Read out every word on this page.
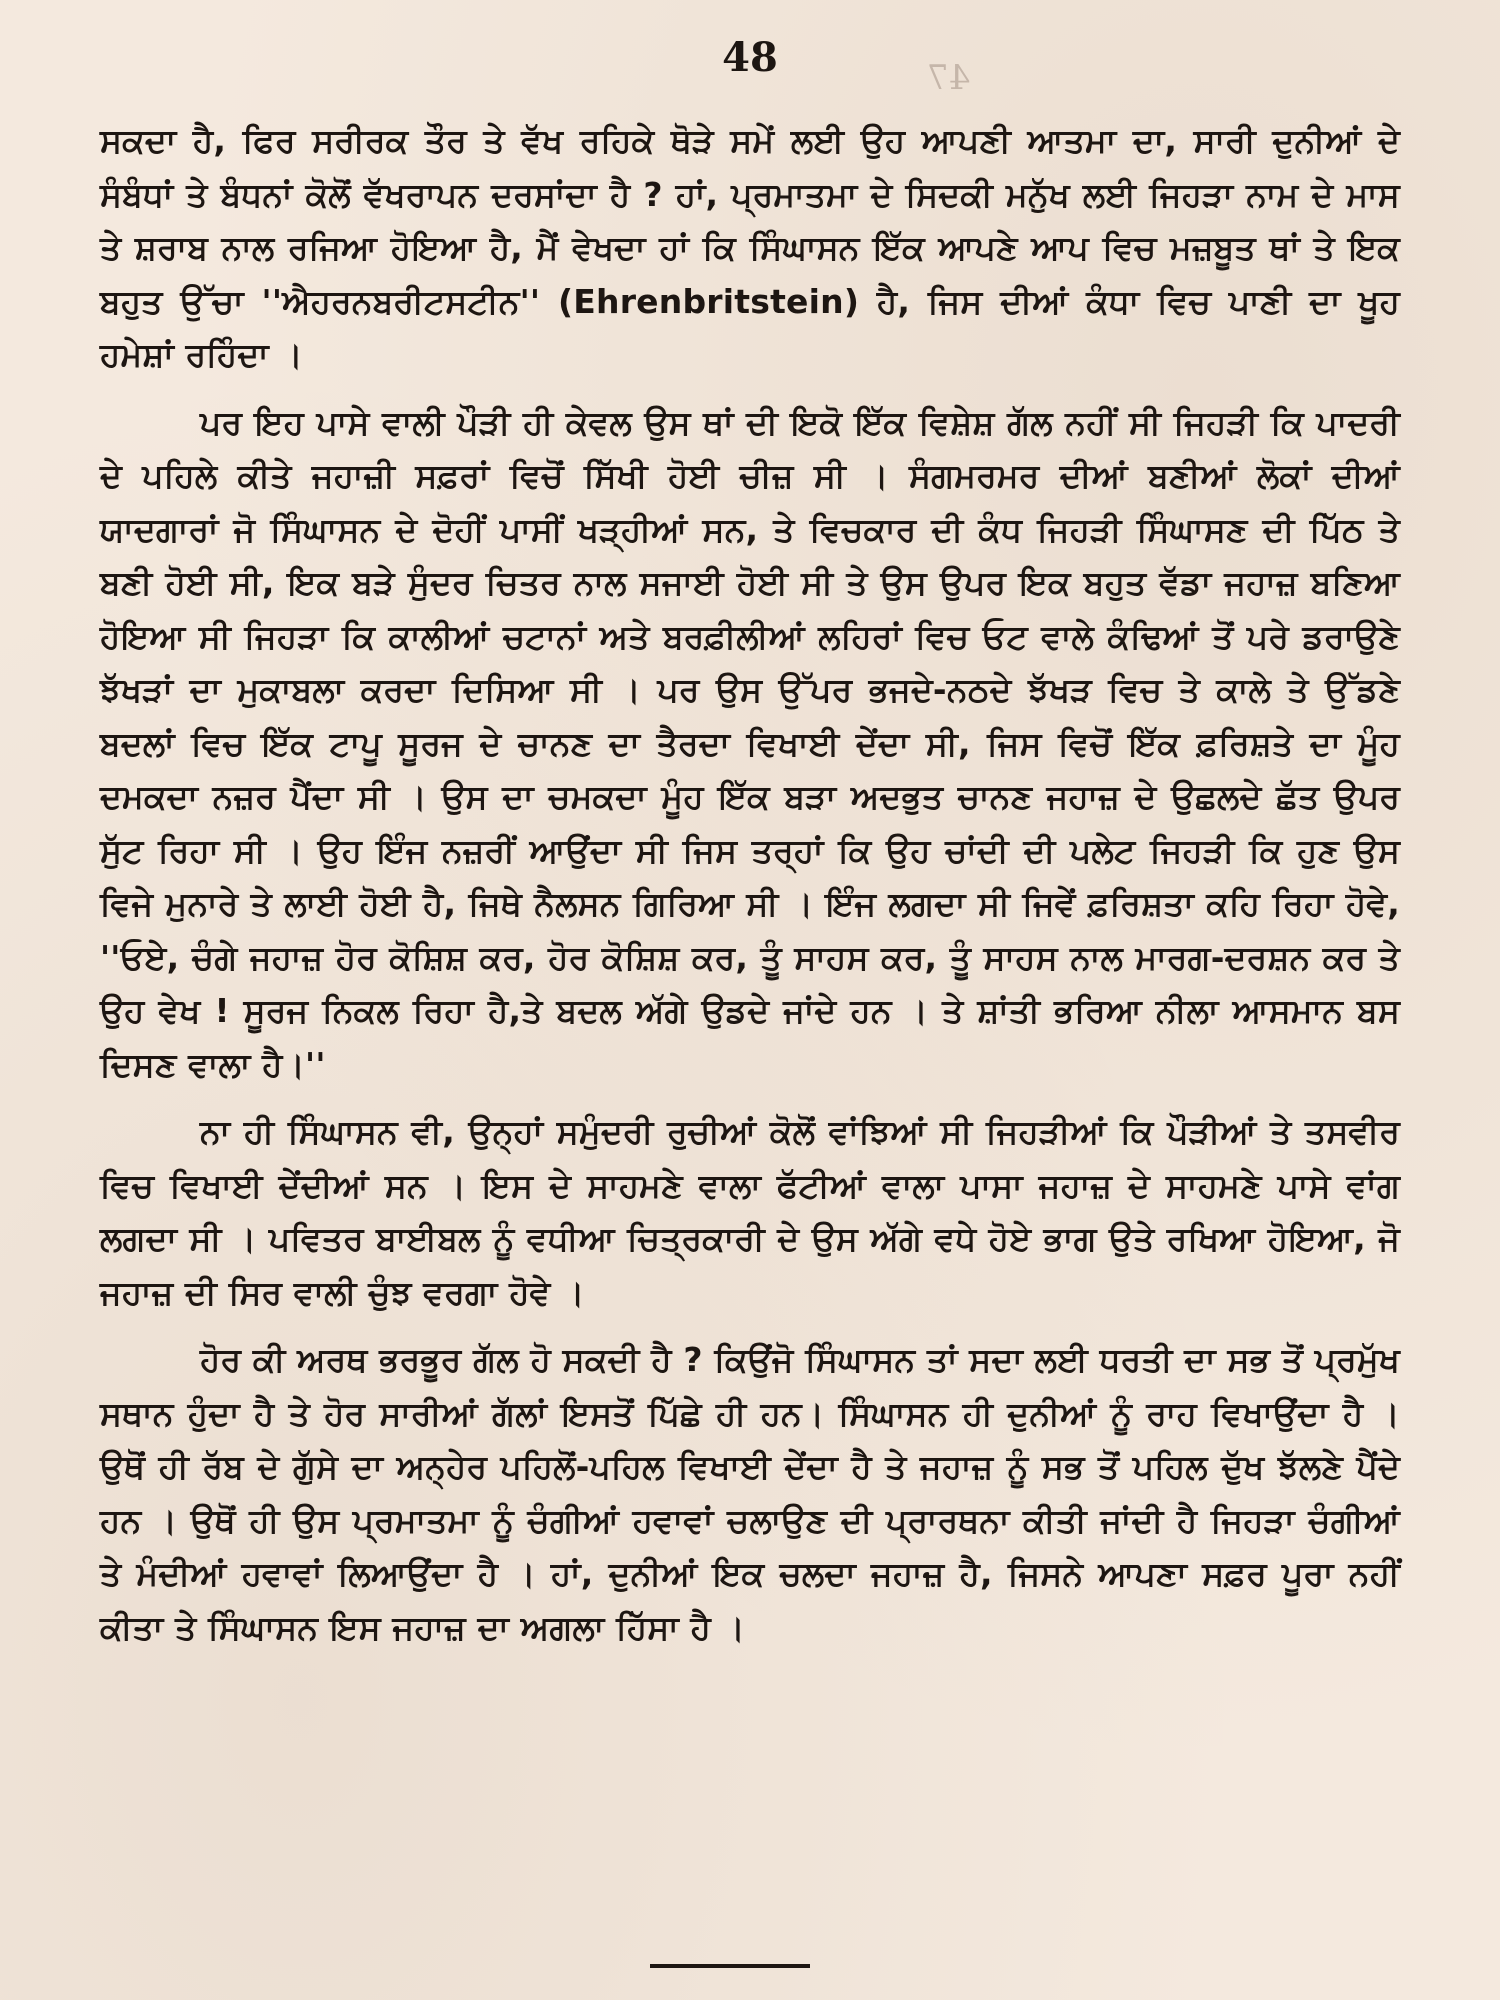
47
48

ਸਕਦਾ ਹੈ, ਫਿਰ ਸਰੀਰਕ ਤੌਰ ਤੇ ਵੱਖ ਰਹਿਕੇ ਥੋੜੇ ਸਮੇਂ ਲਈ ਉਹ ਆਪਣੀ ਆਤਮਾ ਦਾ, ਸਾਰੀ ਦੁਨੀਆਂ ਦੇ ਸੰਬੰਧਾਂ ਤੇ ਬੰਧਨਾਂ ਕੋਲੋਂ ਵੱਖਰਾਪਨ ਦਰਸਾਂਦਾ ਹੈ ? ਹਾਂ, ਪ੍ਰਮਾਤਮਾ ਦੇ ਸਿਦਕੀ ਮਨੁੱਖ ਲਈ ਜਿਹੜਾ ਨਾਮ ਦੇ ਮਾਸ ਤੇ ਸ਼ਰਾਬ ਨਾਲ ਰਜਿਆ ਹੋਇਆ ਹੈ, ਮੈਂ ਵੇਖਦਾ ਹਾਂ ਕਿ ਸਿੰਘਾਸਨ ਇੱਕ ਆਪਣੇ ਆਪ ਵਿਚ ਮਜ਼ਬੂਤ ਥਾਂ ਤੇ ਇਕ ਬਹੁਤ ਉੱਚਾ ''ਐਹਰਨਬਰੀਟਸਟੀਨ'' (Ehrenbritstein) ਹੈ, ਜਿਸ ਦੀਆਂ ਕੰਧਾ ਵਿਚ ਪਾਣੀ ਦਾ ਖੂਹ ਹਮੇਸ਼ਾਂ ਰਹਿੰਦਾ ।

ਪਰ ਇਹ ਪਾਸੇ ਵਾਲੀ ਪੌੜੀ ਹੀ ਕੇਵਲ ਉਸ ਥਾਂ ਦੀ ਇਕੋ ਇੱਕ ਵਿਸ਼ੇਸ਼ ਗੱਲ ਨਹੀਂ ਸੀ ਜਿਹੜੀ ਕਿ ਪਾਦਰੀ ਦੇ ਪਹਿਲੇ ਕੀਤੇ ਜਹਾਜ਼ੀ ਸਫ਼ਰਾਂ ਵਿਚੋਂ ਸਿੱਖੀ ਹੋਈ ਚੀਜ਼ ਸੀ । ਸੰਗਮਰਮਰ ਦੀਆਂ ਬਣੀਆਂ ਲੋਕਾਂ ਦੀਆਂ ਯਾਦਗਾਰਾਂ ਜੋ ਸਿੰਘਾਸਨ ਦੇ ਦੋਹੀਂ ਪਾਸੀਂ ਖੜ੍ਹੀਆਂ ਸਨ, ਤੇ ਵਿਚਕਾਰ ਦੀ ਕੰਧ ਜਿਹੜੀ ਸਿੰਘਾਸਣ ਦੀ ਪਿੱਠ ਤੇ ਬਣੀ ਹੋਈ ਸੀ, ਇਕ ਬੜੇ ਸੁੰਦਰ ਚਿਤਰ ਨਾਲ ਸਜਾਈ ਹੋਈ ਸੀ ਤੇ ਉਸ ਉਪਰ ਇਕ ਬਹੁਤ ਵੱਡਾ ਜਹਾਜ਼ ਬਣਿਆ ਹੋਇਆ ਸੀ ਜਿਹੜਾ ਕਿ ਕਾਲੀਆਂ ਚਟਾਨਾਂ ਅਤੇ ਬਰਫ਼ੀਲੀਆਂ ਲਹਿਰਾਂ ਵਿਚ ਓਟ ਵਾਲੇ ਕੰਢਿਆਂ ਤੋਂ ਪਰੇ ਡਰਾਉਣੇ ਝੱਖੜਾਂ ਦਾ ਮੁਕਾਬਲਾ ਕਰਦਾ ਦਿਸਿਆ ਸੀ । ਪਰ ਉਸ ਉੱਪਰ ਭਜਦੇ-ਨਠਦੇ ਝੱਖੜ ਵਿਚ ਤੇ ਕਾਲੇ ਤੇ ਉੱਡਣੇ ਬਦਲਾਂ ਵਿਚ ਇੱਕ ਟਾਪੂ ਸੂਰਜ ਦੇ ਚਾਨਣ ਦਾ ਤੈਰਦਾ ਵਿਖਾਈ ਦੇਂਦਾ ਸੀ, ਜਿਸ ਵਿਚੋਂ ਇੱਕ ਫ਼ਰਿਸ਼ਤੇ ਦਾ ਮੂੰਹ ਦਮਕਦਾ ਨਜ਼ਰ ਪੈਂਦਾ ਸੀ । ਉਸ ਦਾ ਚਮਕਦਾ ਮੂੰਹ ਇੱਕ ਬੜਾ ਅਦਭੁਤ ਚਾਨਣ ਜਹਾਜ਼ ਦੇ ਉਛਲਦੇ ਛੱਤ ਉਪਰ ਸੁੱਟ ਰਿਹਾ ਸੀ । ਉਹ ਇੰਜ ਨਜ਼ਰੀਂ ਆਉਂਦਾ ਸੀ ਜਿਸ ਤਰ੍ਹਾਂ ਕਿ ਉਹ ਚਾਂਦੀ ਦੀ ਪਲੇਟ ਜਿਹੜੀ ਕਿ ਹੁਣ ਉਸ ਵਿਜੇ ਮੁਨਾਰੇ ਤੇ ਲਾਈ ਹੋਈ ਹੈ, ਜਿਥੇ ਨੈਲਸਨ ਗਿਰਿਆ ਸੀ । ਇੰਜ ਲਗਦਾ ਸੀ ਜਿਵੇਂ ਫ਼ਰਿਸ਼ਤਾ ਕਹਿ ਰਿਹਾ ਹੋਵੇ, ''ਓਏ, ਚੰਗੇ ਜਹਾਜ਼ ਹੋਰ ਕੋਸ਼ਿਸ਼ ਕਰ, ਹੋਰ ਕੋਸ਼ਿਸ਼ ਕਰ, ਤੂੰ ਸਾਹਸ ਕਰ, ਤੂੰ ਸਾਹਸ ਨਾਲ ਮਾਰਗ-ਦਰਸ਼ਨ ਕਰ ਤੇ ਉਹ ਵੇਖ ! ਸੂਰਜ ਨਿਕਲ ਰਿਹਾ ਹੈ,ਤੇ ਬਦਲ ਅੱਗੇ ਉਡਦੇ ਜਾਂਦੇ ਹਨ । ਤੇ ਸ਼ਾਂਤੀ ਭਰਿਆ ਨੀਲਾ ਆਸਮਾਨ ਬਸ ਦਿਸਣ ਵਾਲਾ ਹੈ।''

ਨਾ ਹੀ ਸਿੰਘਾਸਨ ਵੀ, ਉਨ੍ਹਾਂ ਸਮੁੰਦਰੀ ਰੁਚੀਆਂ ਕੋਲੋਂ ਵਾਂਝਿਆਂ ਸੀ ਜਿਹੜੀਆਂ ਕਿ ਪੌੜੀਆਂ ਤੇ ਤਸਵੀਰ ਵਿਚ ਵਿਖਾਈ ਦੇਂਦੀਆਂ ਸਨ । ਇਸ ਦੇ ਸਾਹਮਣੇ ਵਾਲਾ ਫੱਟੀਆਂ ਵਾਲਾ ਪਾਸਾ ਜਹਾਜ਼ ਦੇ ਸਾਹਮਣੇ ਪਾਸੇ ਵਾਂਗ ਲਗਦਾ ਸੀ । ਪਵਿਤਰ ਬਾਈਬਲ ਨੂੰ ਵਧੀਆ ਚਿਤ੍ਰਕਾਰੀ ਦੇ ਉਸ ਅੱਗੇ ਵਧੇ ਹੋਏ ਭਾਗ ਉਤੇ ਰਖਿਆ ਹੋਇਆ, ਜੋ ਜਹਾਜ਼ ਦੀ ਸਿਰ ਵਾਲੀ ਚੁੰਝ ਵਰਗਾ ਹੋਵੇ ।

ਹੋਰ ਕੀ ਅਰਥ ਭਰਭੂਰ ਗੱਲ ਹੋ ਸਕਦੀ ਹੈ ? ਕਿਉਂਜੋ ਸਿੰਘਾਸਨ ਤਾਂ ਸਦਾ ਲਈ ਧਰਤੀ ਦਾ ਸਭ ਤੋਂ ਪ੍ਰਮੁੱਖ ਸਥਾਨ ਹੁੰਦਾ ਹੈ ਤੇ ਹੋਰ ਸਾਰੀਆਂ ਗੱਲਾਂ ਇਸਤੋਂ ਪਿੱਛੇ ਹੀ ਹਨ। ਸਿੰਘਾਸਨ ਹੀ ਦੁਨੀਆਂ ਨੂੰ ਰਾਹ ਵਿਖਾਉਂਦਾ ਹੈ । ਉਥੋਂ ਹੀ ਰੱਬ ਦੇ ਗੁੱਸੇ ਦਾ ਅਨ੍ਹੇਰ ਪਹਿਲੋਂ-ਪਹਿਲ ਵਿਖਾਈ ਦੇਂਦਾ ਹੈ ਤੇ ਜਹਾਜ਼ ਨੂੰ ਸਭ ਤੋਂ ਪਹਿਲ ਦੁੱਖ ਝੱਲਣੇ ਪੈਂਦੇ ਹਨ । ਉਥੋਂ ਹੀ ਉਸ ਪ੍ਰਮਾਤਮਾ ਨੂੰ ਚੰਗੀਆਂ ਹਵਾਵਾਂ ਚਲਾਉਣ ਦੀ ਪ੍ਰਾਰਥਨਾ ਕੀਤੀ ਜਾਂਦੀ ਹੈ ਜਿਹੜਾ ਚੰਗੀਆਂ ਤੇ ਮੰਦੀਆਂ ਹਵਾਵਾਂ ਲਿਆਉਂਦਾ ਹੈ । ਹਾਂ, ਦੁਨੀਆਂ ਇਕ ਚਲਦਾ ਜਹਾਜ਼ ਹੈ, ਜਿਸਨੇ ਆਪਣਾ ਸਫ਼ਰ ਪੂਰਾ ਨਹੀਂ ਕੀਤਾ ਤੇ ਸਿੰਘਾਸਨ ਇਸ ਜਹਾਜ਼ ਦਾ ਅਗਲਾ ਹਿੱਸਾ ਹੈ ।
